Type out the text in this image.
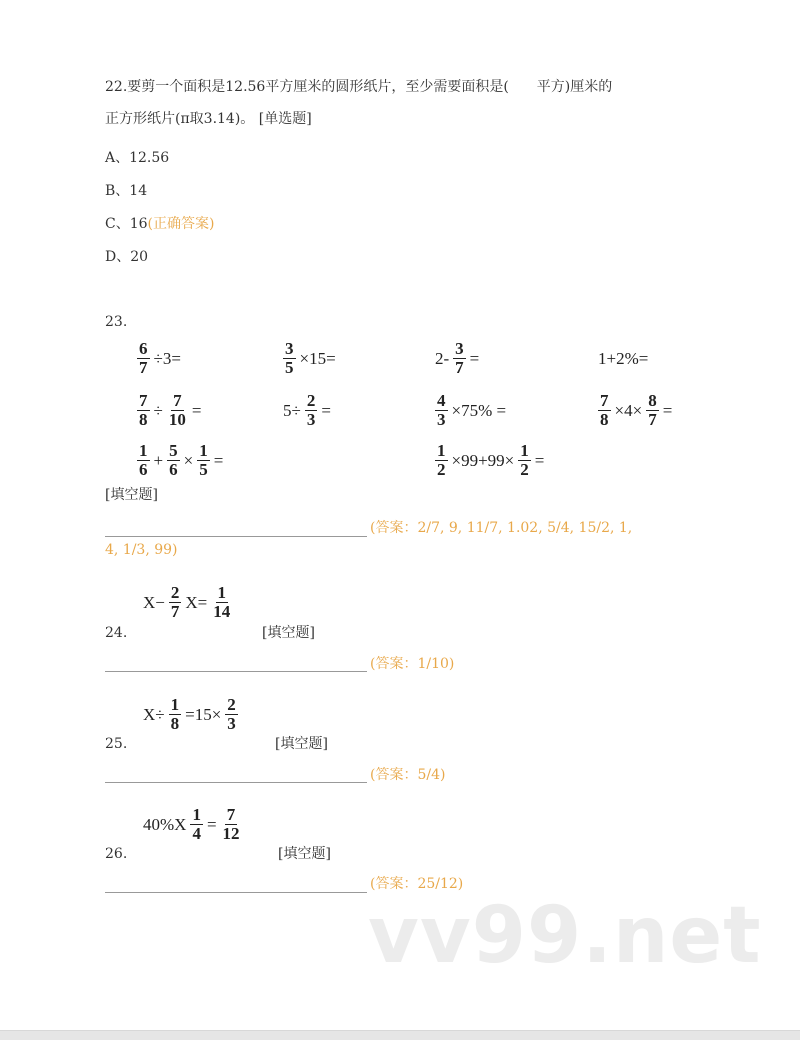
22.要剪一个面积是12.56平方厘米的圆形纸片，至少需要面积是(　　平方)厘米的
正方形纸片(π取3.14)。 [单选题]
A、12.56
B、14
C、16(正确答案)
D、20
23.
$\frac{6}{7} \div 3=$	$\frac{3}{5} \times 15=$	$2- \frac{3}{7}$ =	1+2%=
$\frac{7}{8} \div \frac{7}{10}$ =	$5\div \frac{2}{3}$ =	$\frac{4}{3} \times 75\%$ =	$\frac{7}{8} \times 4\times \frac{8}{7}$ =
$\frac{1}{6} + \frac{5}{6} \times \frac{1}{5}$ =	$\frac{1}{2} \times 99+99\times \frac{1}{2}$ =
[填空题]
(答案：2/7, 9, 11/7, 1.02, 5/4, 15/2, 1,
4, 1/3, 99)
$X- \frac{2}{7} X= \frac{1}{14}$
24.	[填空题]
(答案：1/10)
$X\div \frac{1}{8} =15\times \frac{2}{3}$
25.	[填空题]
(答案：5/4)
$40\%X \frac{1}{4} = \frac{7}{12}$
26.	[填空题]
(答案：25/12)
vv99.net
